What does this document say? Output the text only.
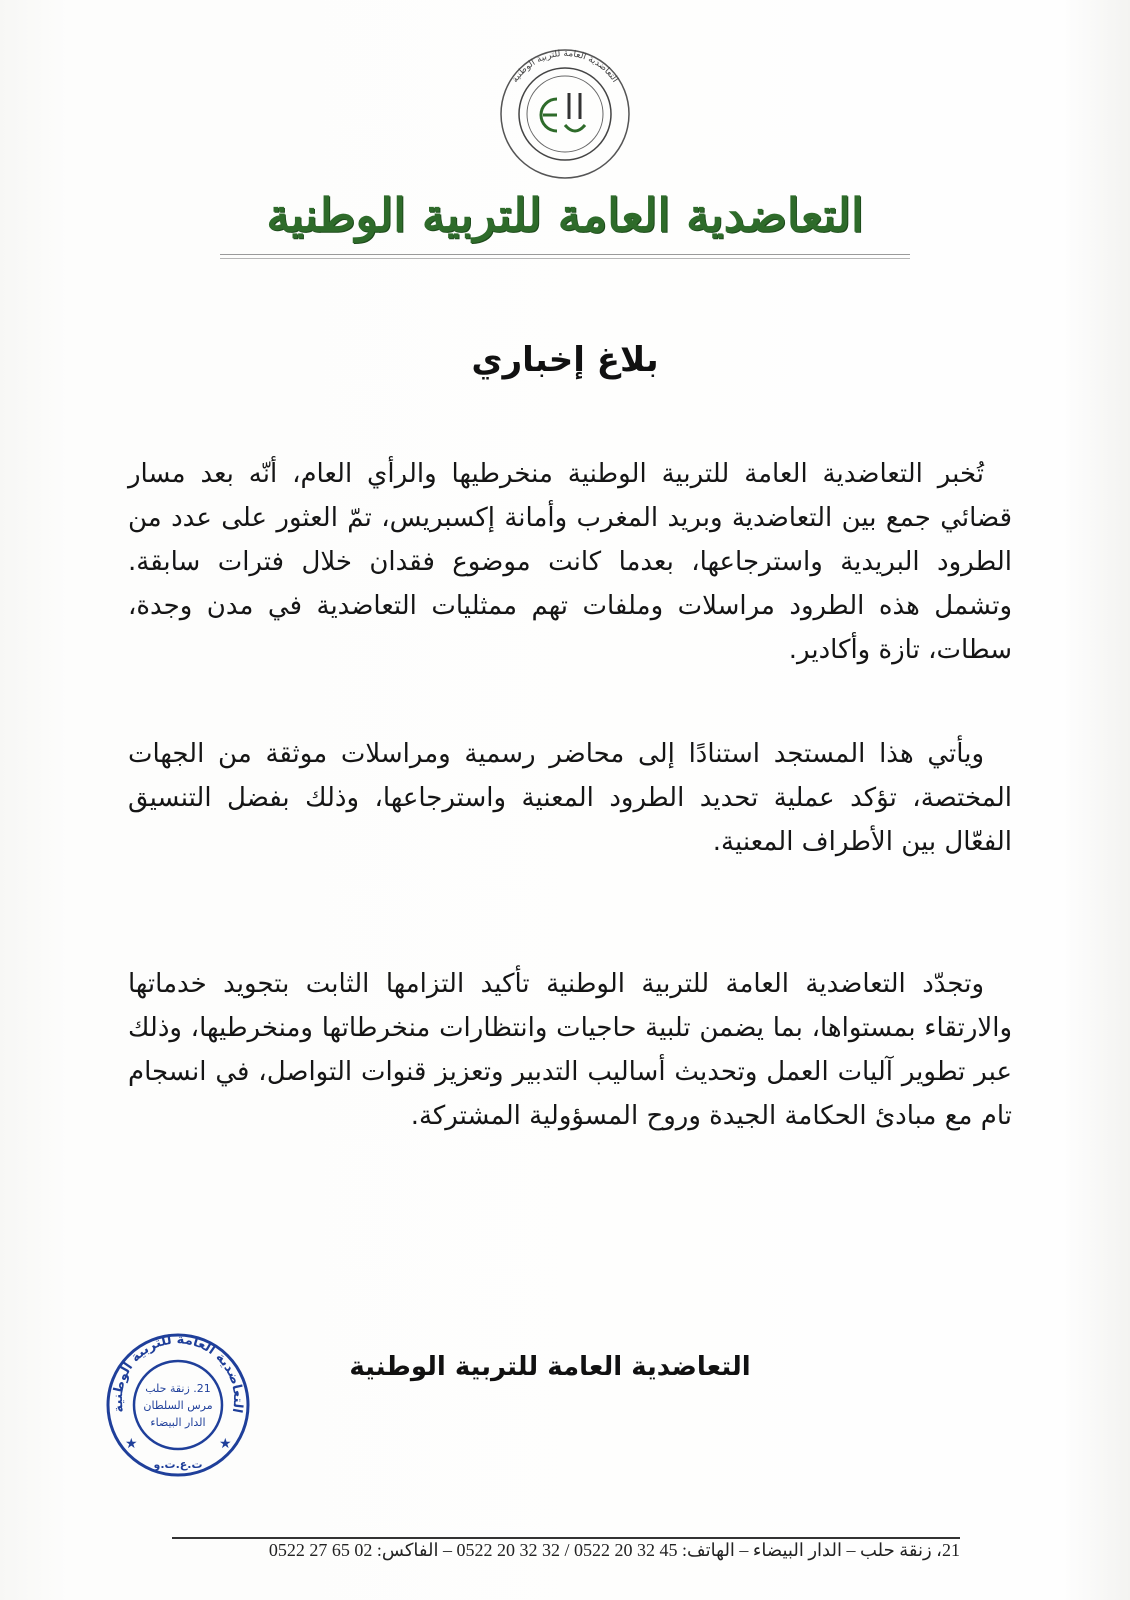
التعاضدية العامة للتربية الوطنية
التعاضدية العامة للتربية الوطنية
بلاغ إخباري

تُخبر التعاضدية العامة للتربية الوطنية منخرطيها والرأي العام، أنّه بعد مسار قضائي جمع بين التعاضدية وبريد المغرب وأمانة إكسبريس، تمّ العثور على عدد من الطرود البريدية واسترجاعها، بعدما كانت موضوع فقدان خلال فترات سابقة. وتشمل هذه الطرود مراسلات وملفات تهم ممثليات التعاضدية في مدن وجدة، سطات، تازة وأكادير.

ويأتي هذا المستجد استنادًا إلى محاضر رسمية ومراسلات موثقة من الجهات المختصة، تؤكد عملية تحديد الطرود المعنية واسترجاعها، وذلك بفضل التنسيق الفعّال بين الأطراف المعنية.

وتجدّد التعاضدية العامة للتربية الوطنية تأكيد التزامها الثابت بتجويد خدماتها والارتقاء بمستواها، بما يضمن تلبية حاجيات وانتظارات منخرطاتها ومنخرطيها، وذلك عبر تطوير آليات العمل وتحديث أساليب التدبير وتعزيز قنوات التواصل، في انسجام تام مع مبادئ الحكامة الجيدة وروح المسؤولية المشتركة.

التعاضدية العامة للتربية الوطنية
21. زنقة حلب
مرس السلطان
الدار البيضاء
★	★
ت.ع.ت.و
التعاضدية العامة للتربية الوطنية
21، زنقة حلب – الدار البيضاء – الهاتف: 45 32 20 0522 / 32 32 20 0522 – الفاكس: 02 65 27 0522
